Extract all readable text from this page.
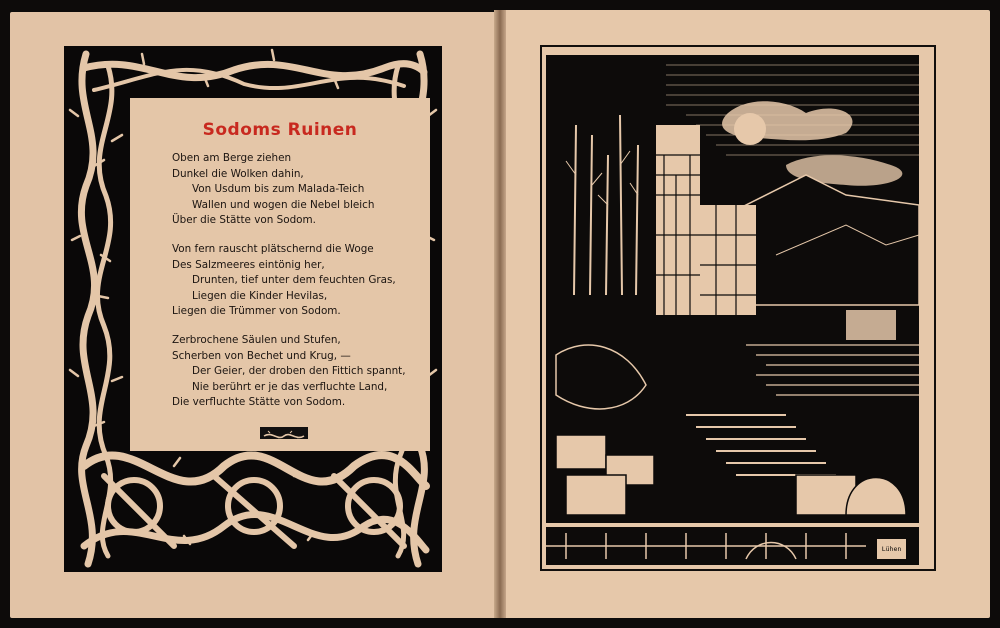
Sodoms Ruinen
Oben am Berge ziehen
Dunkel die Wolken dahin,
Von Usdum bis zum Malada-Teich
Wallen und wogen die Nebel bleich
Über die Stätte von Sodom.
Von fern rauscht plätschernd die Woge
Des Salzmeeres eintönig her,
Drunten, tief unter dem feuchten Gras,
Liegen die Kinder Hevilas,
Liegen die Trümmer von Sodom.
Zerbrochene Säulen und Stufen,
Scherben von Bechet und Krug, —
Der Geier, der droben den Fittich spannt,
Nie berührt er je das verfluchte Land,
Die verfluchte Stätte von Sodom.
Lühen
